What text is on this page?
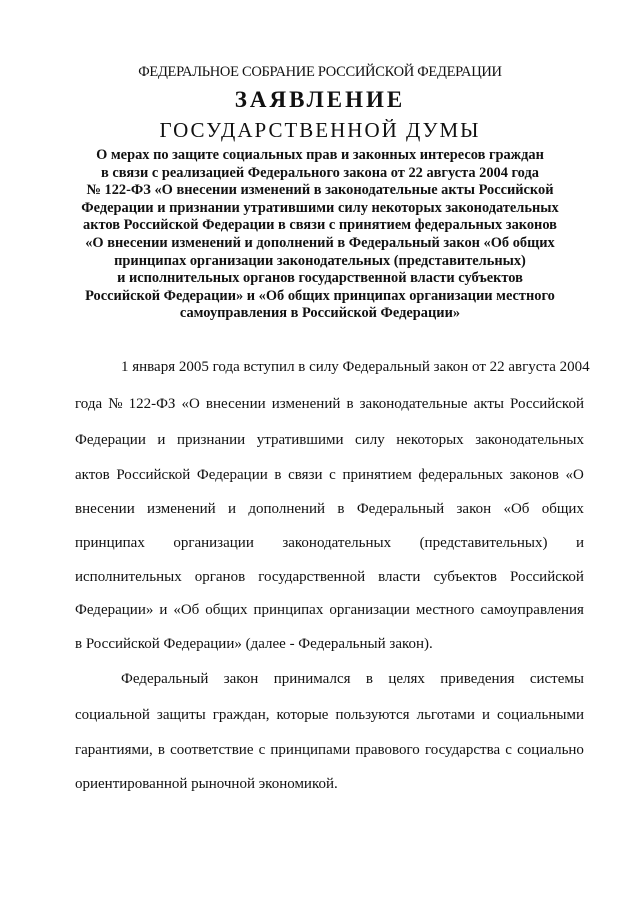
ФЕДЕРАЛЬНОЕ СОБРАНИЕ РОССИЙСКОЙ ФЕДЕРАЦИИ
ЗАЯВЛЕНИЕ
ГОСУДАРСТВЕННОЙ ДУМЫ
О мерах по защите социальных прав и законных интересов граждан
в связи с реализацией Федерального закона от 22 августа 2004 года
№ 122-ФЗ «О внесении изменений в законодательные акты Российской
Федерации и признании утратившими силу некоторых законодательных
актов Российской Федерации в связи с принятием федеральных законов
«О внесении изменений и дополнений в Федеральный закон «Об общих
принципах организации законодательных (представительных)
и исполнительных органов государственной власти субъектов
Российской Федерации» и «Об общих принципах организации местного
самоуправления в Российской Федерации»
1 января 2005 года вступил в силу Федеральный закон от 22 августа 2004
года № 122-ФЗ «О внесении изменений в законодательные акты Российской
Федерации и признании утратившими силу некоторых законодательных
актов Российской Федерации в связи с принятием федеральных законов «О
внесении изменений и дополнений в Федеральный закон «Об общих
принципах организации законодательных (представительных) и
исполнительных органов государственной власти субъектов Российской
Федерации» и «Об общих принципах организации местного самоуправления
в Российской Федерации» (далее - Федеральный закон).
Федеральный закон принимался в целях приведения системы
социальной защиты граждан, которые пользуются льготами и социальными
гарантиями, в соответствие с принципами правового государства с социально
ориентированной рыночной экономикой.
